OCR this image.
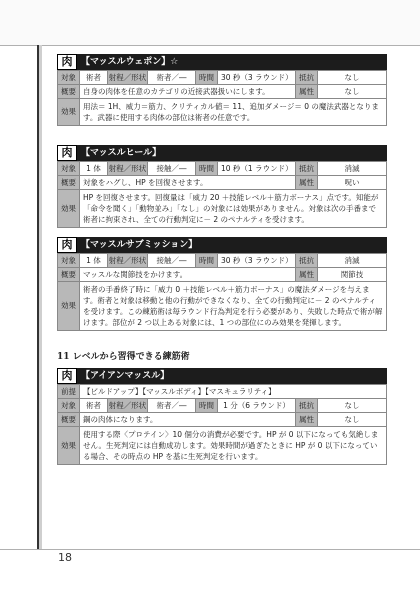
肉 【マッスルウェポン】☆
対象	術者	射程／形状	術者／―	時間	30 秒（3 ラウンド）	抵抗	なし
概要	自身の肉体を任意のカテゴリの近接武器扱いにします。					属性	なし
効果	用法＝ 1H、威力＝筋力、クリティカル値＝ 11、追加ダメージ＝ 0 の魔法武器となります。武器に使用する肉体の部位は術者の任意です。						
肉 【マッスルヒール】
対象	1 体	射程／形状	接触／―	時間	10 秒（1 ラウンド）	抵抗	消滅
概要	対象をハグし、HP を回復させます。					属性	呪い
効果	HP を回復させます。回復量は「威力 20 ＋技能レベル＋筋力ボーナス」点です。知能が「命令を聞く」「動物並み」「なし」の対象には効果がありません。対象は次の手番まで術者に拘束され、全ての行動判定に－ 2 のペナルティを受けます。						
肉 【マッスルサブミッション】
対象	1 体	射程／形状	接触／―	時間	30 秒（3 ラウンド）	抵抗	消滅
概要	マッスルな関節技をかけます。					属性	関節技
効果	術者の手番終了時に「威力 0 ＋技能レベル＋筋力ボーナス」の魔法ダメージを与えます。術者と対象は移動と他の行動ができなくなり、全ての行動判定に－ 2 のペナルティを受けます。この練筋術は毎ラウンド行為判定を行う必要があり、失敗した時点で術が解けます。部位が 2 つ以上ある対象には、1 つの部位にのみ効果を発揮します。						
11 レベルから習得できる練筋術
肉 【アイアンマッスル】
前提	【ビルドアップ】【マッスルボディ】【マスキュラリティ】						
対象	術者	射程／形状	術者／―	時間	1 分（6 ラウンド）	抵抗	なし
概要	鋼の肉体になります。					属性	なし
効果	使用する際〈プロテイン〉10 個分の消費が必要です。HP が 0 以下になっても気絶しません。生死判定には自動成功します。効果時間が過ぎたときに HP が 0 以下になっている場合、その時点の HP を基に生死判定を行います。						
18
